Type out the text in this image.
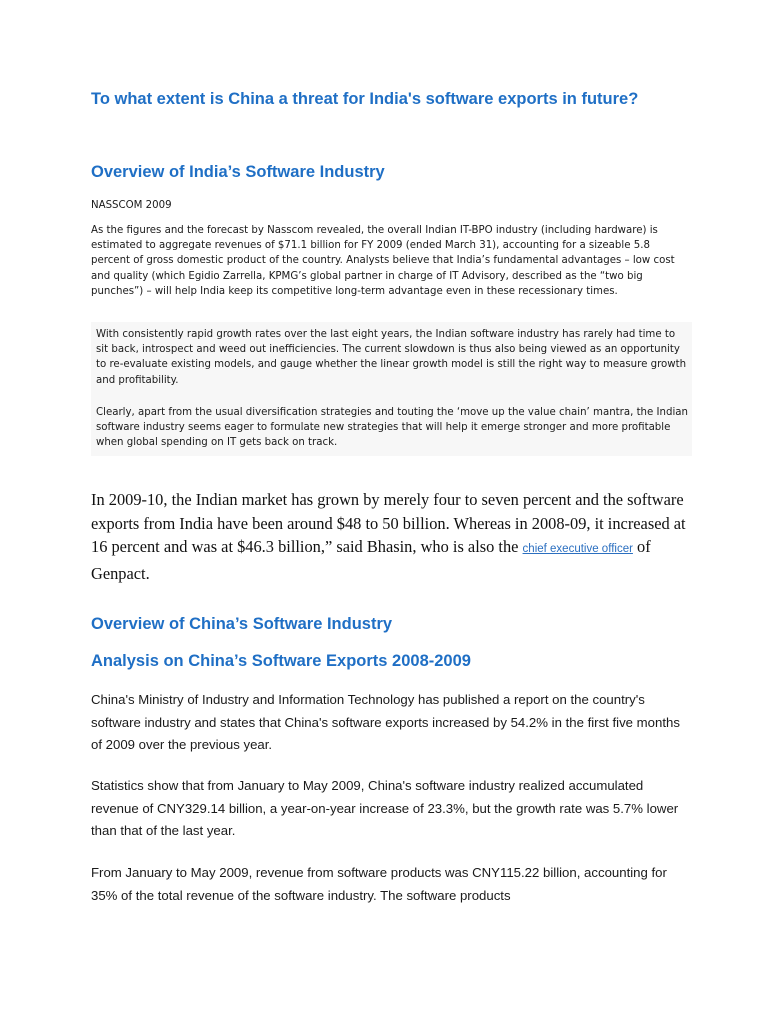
To what extent is China a threat for India's software exports in future?
Overview of India’s Software Industry

NASSCOM 2009

As the figures and the forecast by Nasscom revealed, the overall Indian IT-BPO industry (including hardware) is estimated to aggregate revenues of $71.1 billion for FY 2009 (ended March 31), accounting for a sizeable 5.8 percent of gross domestic product of the country. Analysts believe that India’s fundamental advantages – low cost and quality (which Egidio Zarrella, KPMG’s global partner in charge of IT Advisory, described as the “two big punches”) – will help India keep its competitive long-term advantage even in these recessionary times.

With consistently rapid growth rates over the last eight years, the Indian software industry has rarely had time to sit back, introspect and weed out inefficiencies. The current slowdown is thus also being viewed as an opportunity to re-evaluate existing models, and gauge whether the linear growth model is still the right way to measure growth and profitability.

Clearly, apart from the usual diversification strategies and touting the ‘move up the value chain’ mantra, the Indian software industry seems eager to formulate new strategies that will help it emerge stronger and more profitable when global spending on IT gets back on track.

In 2009-10, the Indian market has grown by merely four to seven percent and the software exports from India have been around $48 to 50 billion. Whereas in 2008-09, it increased at 16 percent and was at $46.3 billion,” said Bhasin, who is also the chief executive officer of Genpact.

Overview of China’s Software Industry
Analysis on China’s Software Exports 2008-2009

China's Ministry of Industry and Information Technology has published a report on the country's software industry and states that China's software exports increased by 54.2% in the first five months of 2009 over the previous year.

Statistics show that from January to May 2009, China's software industry realized accumulated revenue of CNY329.14 billion, a year-on-year increase of 23.3%, but the growth rate was 5.7% lower than that of the last year.

From January to May 2009, revenue from software products was CNY115.22 billion, accounting for 35% of the total revenue of the software industry. The software products
